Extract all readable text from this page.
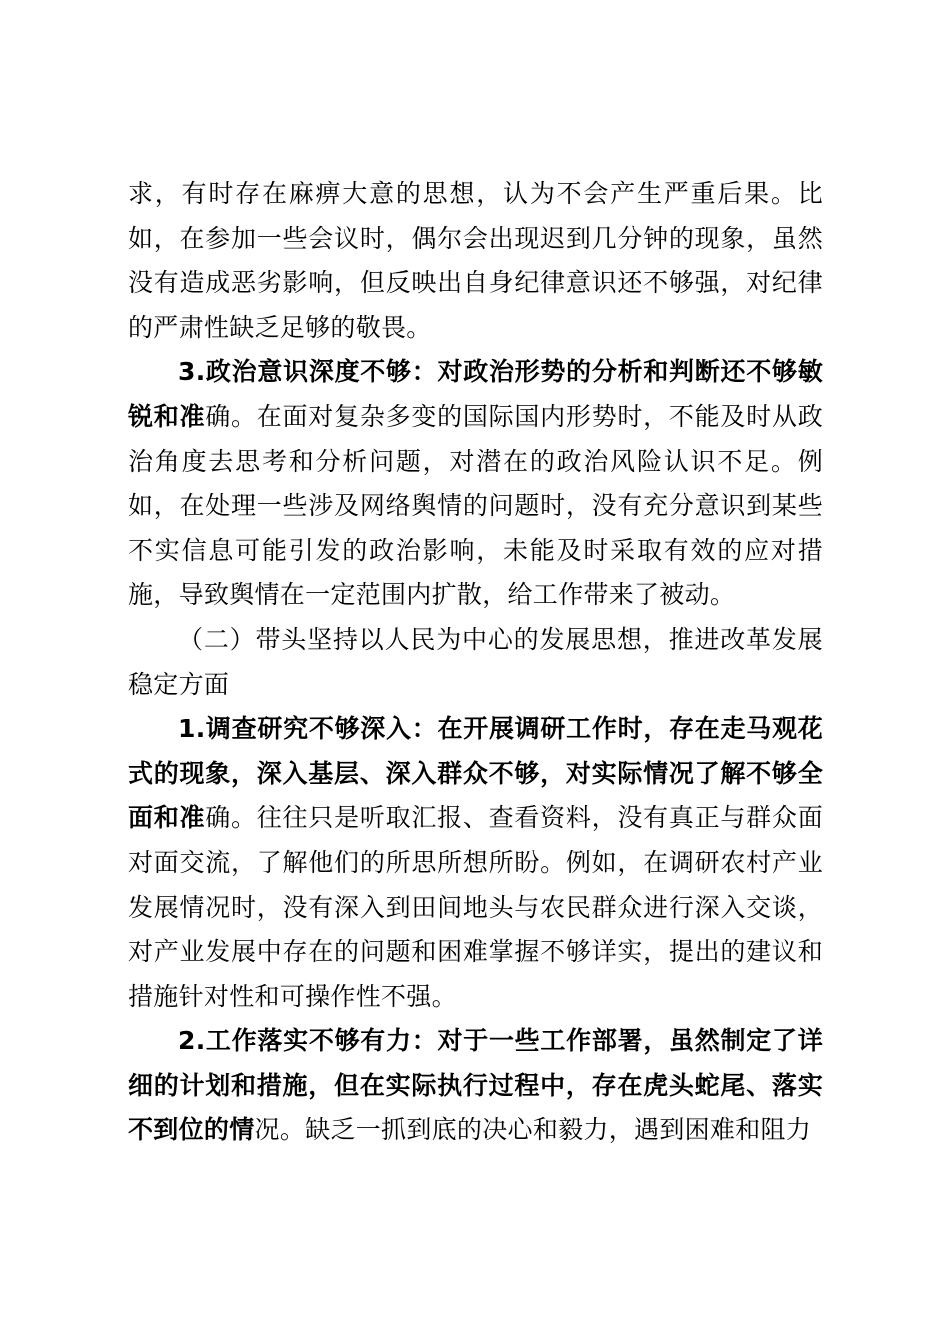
求，有时存在麻痹大意的思想，认为不会产生严重后果。比如，在参加一些会议时，偶尔会出现迟到几分钟的现象，虽然没有造成恶劣影响，但反映出自身纪律意识还不够强，对纪律的严肃性缺乏足够的敬畏。

3.政治意识深度不够：对政治形势的分析和判断还不够敏锐和准确。在面对复杂多变的国际国内形势时，不能及时从政治角度去思考和分析问题，对潜在的政治风险认识不足。例如，在处理一些涉及网络舆情的问题时，没有充分意识到某些不实信息可能引发的政治影响，未能及时采取有效的应对措施，导致舆情在一定范围内扩散，给工作带来了被动。

（二）带头坚持以人民为中心的发展思想，推进改革发展稳定方面

1.调查研究不够深入：在开展调研工作时，存在走马观花式的现象，深入基层、深入群众不够，对实际情况了解不够全面和准确。往往只是听取汇报、查看资料，没有真正与群众面对面交流，了解他们的所思所想所盼。例如，在调研农村产业发展情况时，没有深入到田间地头与农民群众进行深入交谈，对产业发展中存在的问题和困难掌握不够详实，提出的建议和措施针对性和可操作性不强。

2.工作落实不够有力：对于一些工作部署，虽然制定了详细的计划和措施，但在实际执行过程中，存在虎头蛇尾、落实不到位的情况。缺乏一抓到底的决心和毅力，遇到困难和阻力
